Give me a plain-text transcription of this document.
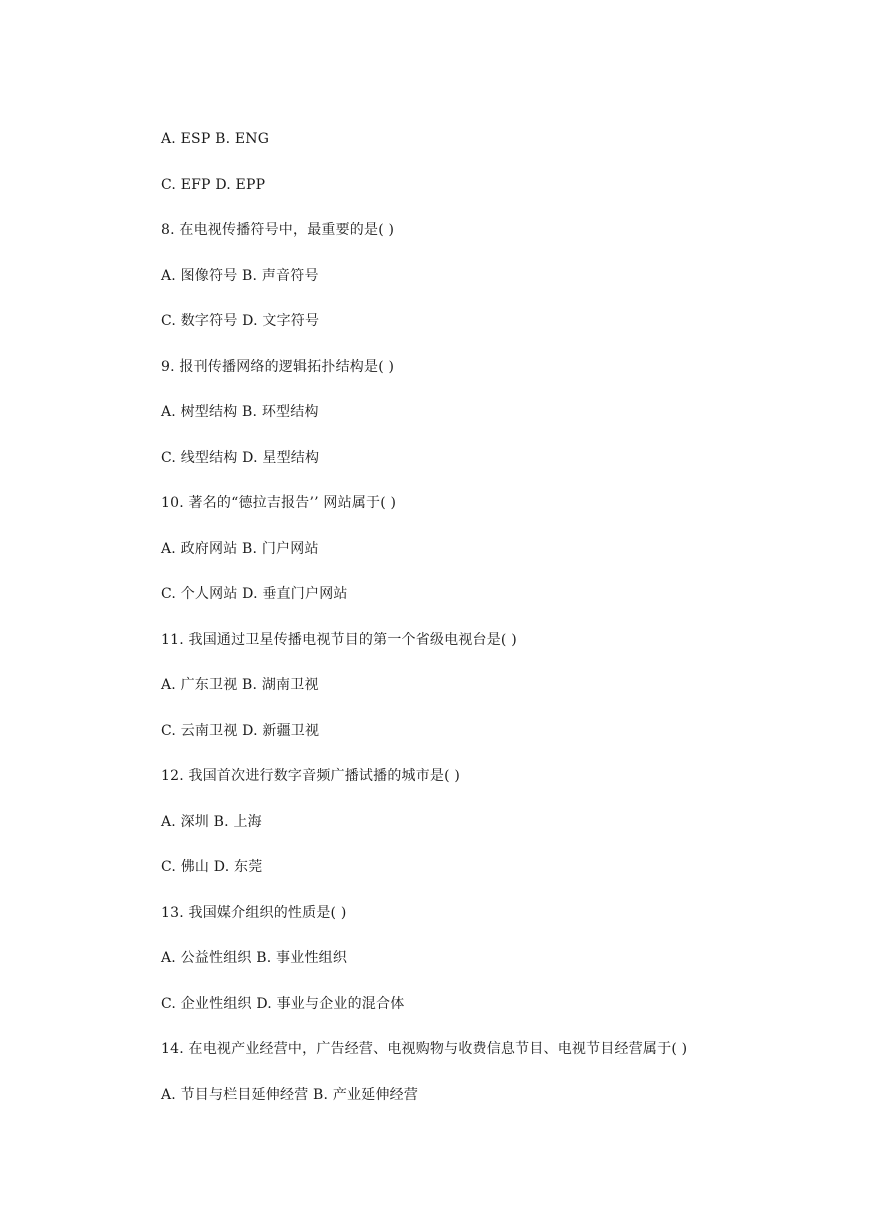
A. ESP B. ENG
C. EFP D. EPP
8. 在电视传播符号中，最重要的是( )
A. 图像符号 B. 声音符号
C. 数字符号 D. 文字符号
9. 报刊传播网络的逻辑拓扑结构是( )
A. 树型结构 B. 环型结构
C. 线型结构 D. 星型结构
10. 著名的“德拉吉报告’’ 网站属于( )
A. 政府网站 B. 门户网站
C. 个人网站 D. 垂直门户网站
11. 我国通过卫星传播电视节目的第一个省级电视台是( )
A. 广东卫视 B. 湖南卫视
C. 云南卫视 D. 新疆卫视
12. 我国首次进行数字音频广播试播的城市是( )
A. 深圳 B. 上海
C. 佛山 D. 东莞
13. 我国媒介组织的性质是( )
A. 公益性组织 B. 事业性组织
C. 企业性组织 D. 事业与企业的混合体
14. 在电视产业经营中，广告经营、电视购物与收费信息节目、电视节目经营属于( )
A. 节目与栏目延伸经营 B. 产业延伸经营
